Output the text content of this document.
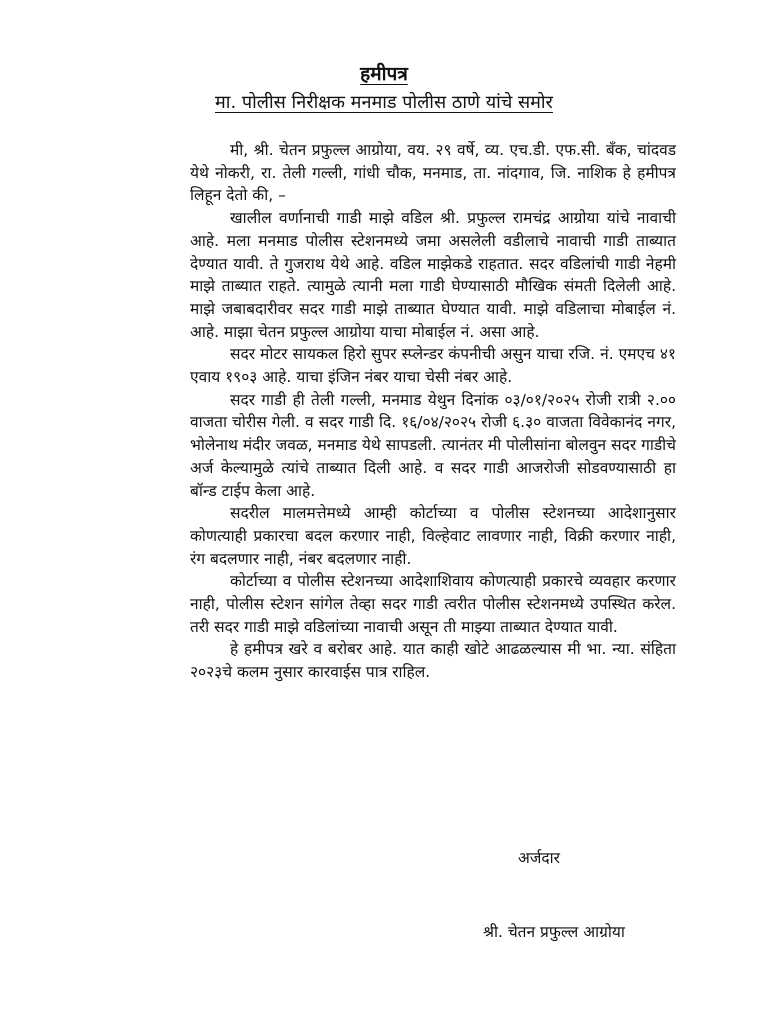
हमीपत्र
मा. पोलीस निरीक्षक मनमाड पोलीस ठाणे यांचे समोर

मी, श्री. चेतन प्रफुल्ल आग्रोया, वय. २९ वर्षे, व्य. एच.डी. एफ.सी. बँक, चांदवड येथे नोकरी, रा. तेली गल्ली, गांधी चौक, मनमाड, ता. नांदगाव, जि. नाशिक हे हमीपत्र लिहून देतो की, –

खालील वर्णानाची गाडी माझे वडिल श्री. प्रफुल्ल रामचंद्र आग्रोया यांचे नावाची आहे. मला मनमाड पोलीस स्टेशनमध्ये जमा असलेली वडीलाचे नावाची गाडी ताब्यात देण्यात यावी. ते गुजराथ येथे आहे. वडिल माझेकडे राहतात. सदर वडिलांची गाडी नेहमी माझे ताब्यात राहते. त्यामुळे त्यानी मला गाडी घेण्यासाठी मौखिक संमती दिलेली आहे. माझे जबाबदारीवर सदर गाडी माझे ताब्यात घेण्यात यावी. माझे वडिलाचा मोबाईल नं. आहे. माझा चेतन प्रफुल्ल आग्रोया याचा मोबाईल नं. असा आहे.

सदर मोटर सायकल हिरो सुपर स्प्लेन्डर कंपनीची असुन याचा रजि. नं. एमएच ४१ एवाय १९०३ आहे. याचा इंजिन नंबर याचा चेसी नंबर आहे.

सदर गाडी ही तेली गल्ली, मनमाड येथुन दिनांक ०३/०१/२०२५ रोजी रात्री २.०० वाजता चोरीस गेली. व सदर गाडी दि. १६/०४/२०२५ रोजी ६.३० वाजता विवेकानंद नगर, भोलेनाथ मंदीर जवळ, मनमाड येथे सापडली. त्यानंतर मी पोलीसांना बोलवुन सदर गाडीचे अर्ज केल्यामुळे त्यांचे ताब्यात दिली आहे. व सदर गाडी आजरोजी सोडवण्यासाठी हा बॉन्ड टाईप केला आहे.

सदरील मालमत्तेमध्ये आम्ही कोर्टाच्या व पोलीस स्टेशनच्या आदेशानुसार कोणत्याही प्रकारचा बदल करणार नाही, विल्हेवाट लावणार नाही, विक्री करणार नाही, रंग बदलणार नाही, नंबर बदलणार नाही.

कोर्टाच्या व पोलीस स्टेशनच्या आदेशाशिवाय कोणत्याही प्रकारचे व्यवहार करणार नाही, पोलीस स्टेशन सांगेल तेव्हा सदर गाडी त्वरीत पोलीस स्टेशनमध्ये उपस्थित करेल. तरी सदर गाडी माझे वडिलांच्या नावाची असून ती माझ्या ताब्यात देण्यात यावी.

हे हमीपत्र खरे व बरोबर आहे. यात काही खोटे आढळल्यास मी भा. न्या. संहिता २०२३चे कलम नुसार कारवाईस पात्र राहिल.

अर्जदार
श्री. चेतन प्रफुल्ल आग्रोया
